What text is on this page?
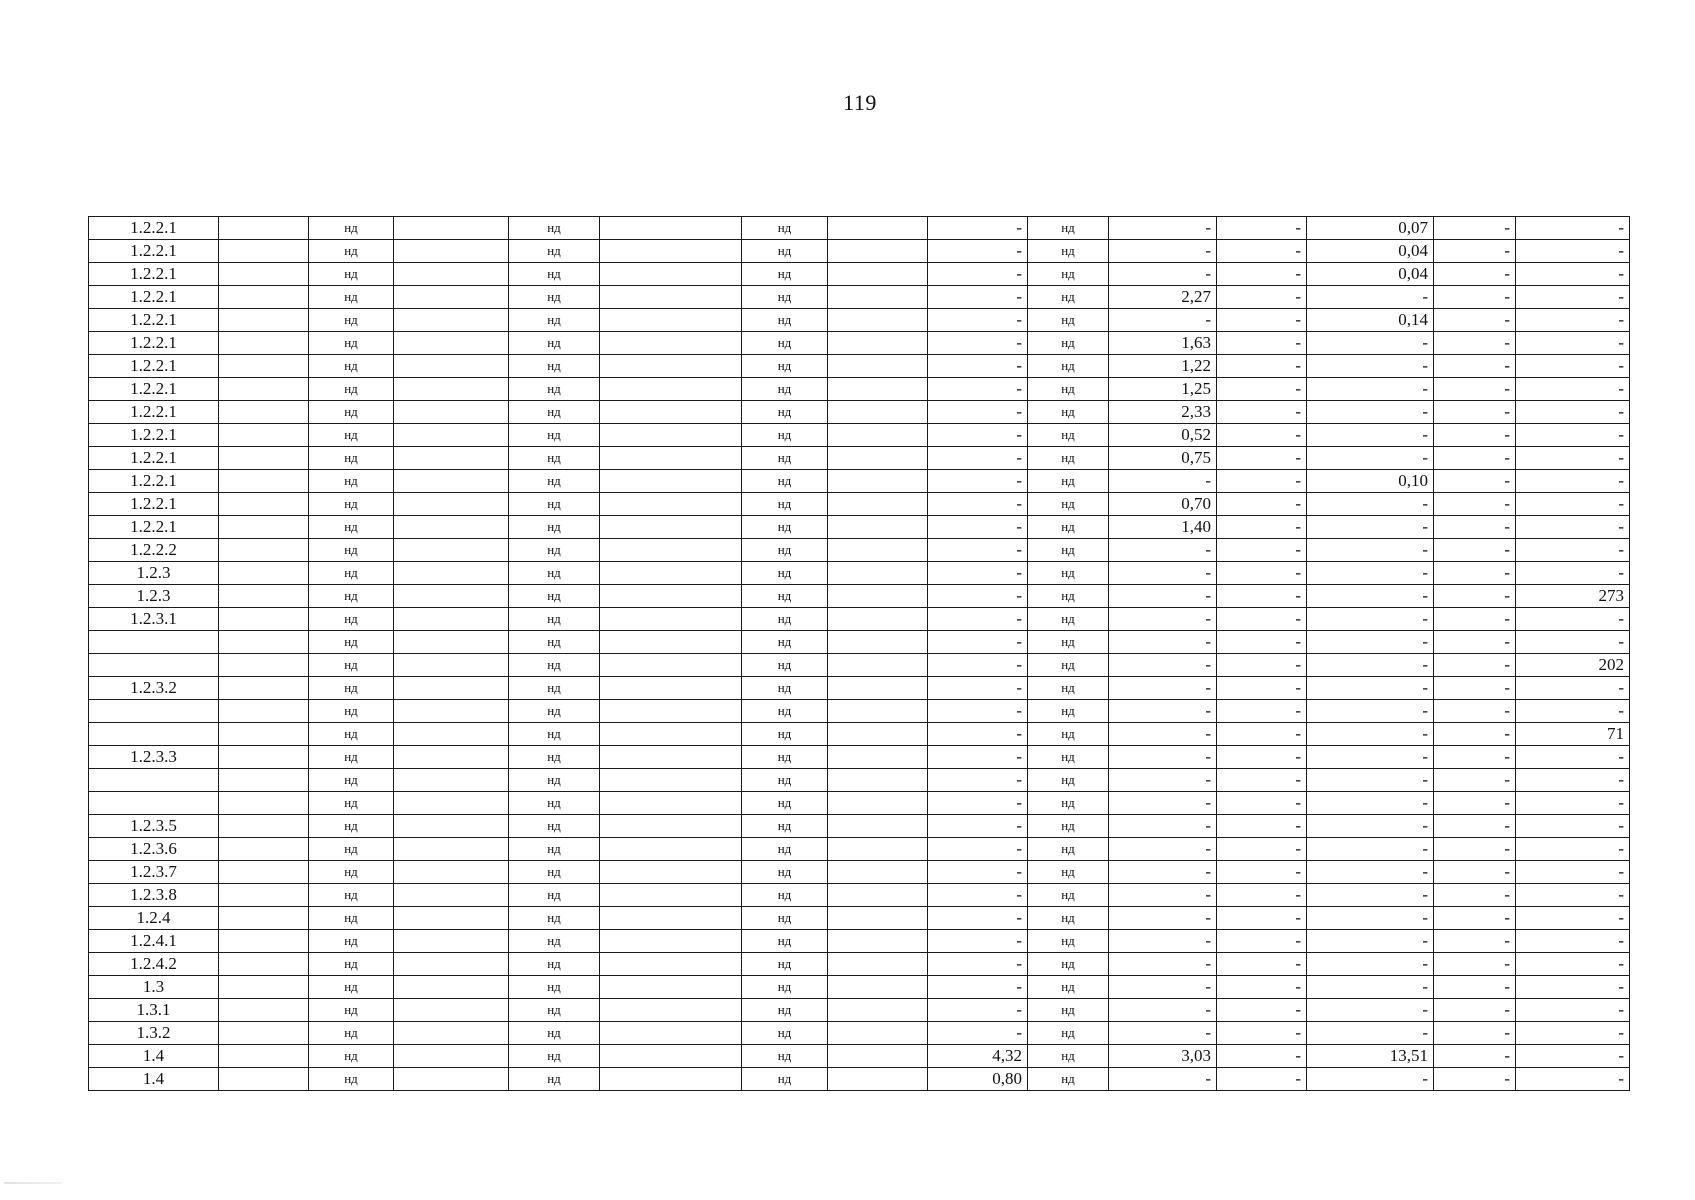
119
1.2.2.1		нд		нд		нд		-	нд	-	-	0,07	-	-
1.2.2.1		нд		нд		нд		-	нд	-	-	0,04	-	-
1.2.2.1		нд		нд		нд		-	нд	-	-	0,04	-	-
1.2.2.1		нд		нд		нд		-	нд	2,27	-	-	-	-
1.2.2.1		нд		нд		нд		-	нд	-	-	0,14	-	-
1.2.2.1		нд		нд		нд		-	нд	1,63	-	-	-	-
1.2.2.1		нд		нд		нд		-	нд	1,22	-	-	-	-
1.2.2.1		нд		нд		нд		-	нд	1,25	-	-	-	-
1.2.2.1		нд		нд		нд		-	нд	2,33	-	-	-	-
1.2.2.1		нд		нд		нд		-	нд	0,52	-	-	-	-
1.2.2.1		нд		нд		нд		-	нд	0,75	-	-	-	-
1.2.2.1		нд		нд		нд		-	нд	-	-	0,10	-	-
1.2.2.1		нд		нд		нд		-	нд	0,70	-	-	-	-
1.2.2.1		нд		нд		нд		-	нд	1,40	-	-	-	-
1.2.2.2		нд		нд		нд		-	нд	-	-	-	-	-
1.2.3		нд		нд		нд		-	нд	-	-	-	-	-
1.2.3		нд		нд		нд		-	нд	-	-	-	-	273
1.2.3.1		нд		нд		нд		-	нд	-	-	-	-	-
		нд		нд		нд		-	нд	-	-	-	-	-
		нд		нд		нд		-	нд	-	-	-	-	202
1.2.3.2		нд		нд		нд		-	нд	-	-	-	-	-
		нд		нд		нд		-	нд	-	-	-	-	-
		нд		нд		нд		-	нд	-	-	-	-	71
1.2.3.3		нд		нд		нд		-	нд	-	-	-	-	-
		нд		нд		нд		-	нд	-	-	-	-	-
		нд		нд		нд		-	нд	-	-	-	-	-
1.2.3.5		нд		нд		нд		-	нд	-	-	-	-	-
1.2.3.6		нд		нд		нд		-	нд	-	-	-	-	-
1.2.3.7		нд		нд		нд		-	нд	-	-	-	-	-
1.2.3.8		нд		нд		нд		-	нд	-	-	-	-	-
1.2.4		нд		нд		нд		-	нд	-	-	-	-	-
1.2.4.1		нд		нд		нд		-	нд	-	-	-	-	-
1.2.4.2		нд		нд		нд		-	нд	-	-	-	-	-
1.3		нд		нд		нд		-	нд	-	-	-	-	-
1.3.1		нд		нд		нд		-	нд	-	-	-	-	-
1.3.2		нд		нд		нд		-	нд	-	-	-	-	-
1.4		нд		нд		нд		4,32	нд	3,03	-	13,51	-	-
1.4		нд		нд		нд		0,80	нд	-	-	-	-	-
